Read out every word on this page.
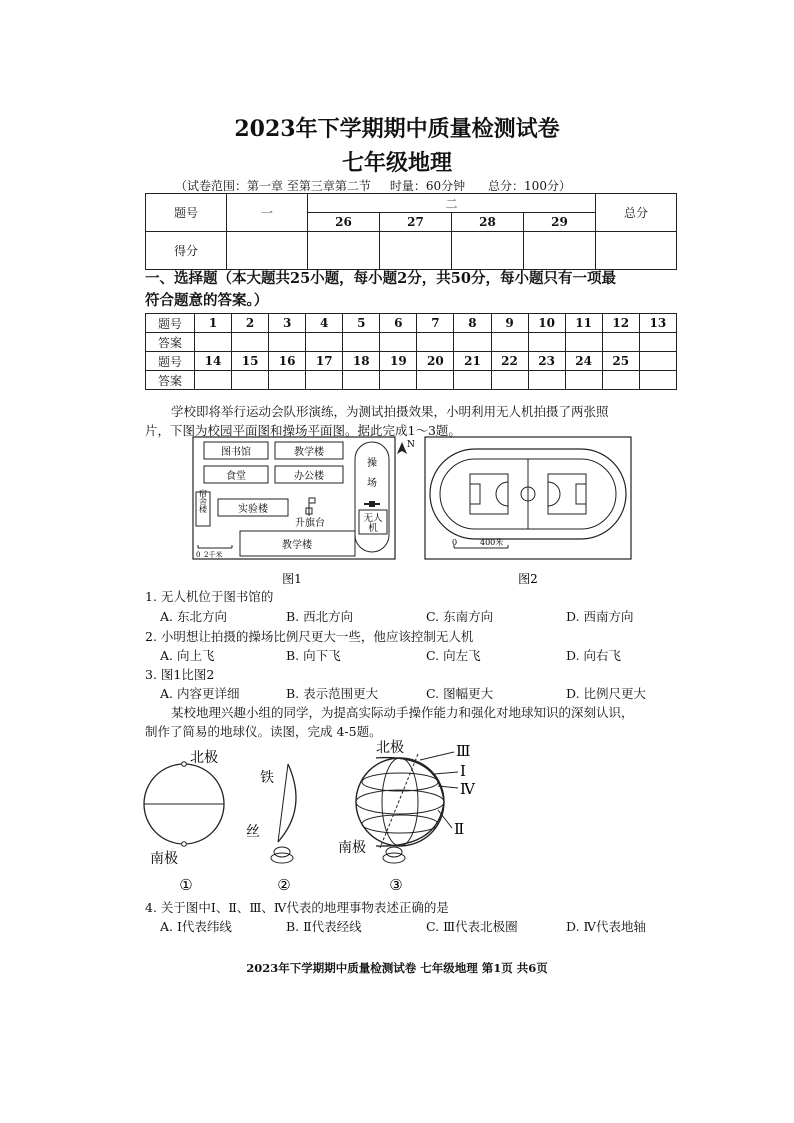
2023年下学期期中质量检测试卷
七年级地理
（试卷范围：第一章 至第三章第二节     时量：60分钟      总分：100分）
题号	一	二				总分
		26	27	28	29	
得分						
一、选择题（本大题共25小题，每小题2分，共50分，每小题只有一项最
符合题意的答案。）
题号	1	2	3	4	5	6	7	8	9	10	11	12	13
答案													
题号	14	15	16	17	18	19	20	21	22	23	24	25	
答案													
学校即将举行运动会队形演练，为测试拍摄效果，小明利用无人机拍摄了两张照
片，下图为校园平面图和操场平面图。据此完成1～3题。
图书馆	教学楼
食堂	办公楼
操
场
无人
机
宿舍楼	实验楼
升旗台
教学楼
0 2千米
N
图1
0	400米
图2
1. 无人机位于图书馆的
A. 东北方向	B. 西北方向	C. 东南方向	D. 西南方向
2. 小明想让拍摄的操场比例尺更大一些，他应该控制无人机
A. 向上飞	B. 向下飞	C. 向左飞	D. 向右飞
3. 图1比图2
A. 内容更详细	B. 表示范围更大	C. 图幅更大	D. 比例尺更大
某校地理兴趣小组的同学，为提高实际动手操作能力和强化对地球知识的深刻认识，
制作了简易的地球仪。读图，完成 4-5题。
北极
南极
①
铁
丝
②
北极	Ⅲ
Ⅰ
Ⅳ
Ⅱ
南极
③
4. 关于图中Ⅰ、Ⅱ、Ⅲ、Ⅳ代表的地理事物表述正确的是
A. Ⅰ代表纬线	B. Ⅱ代表经线	C. Ⅲ代表北极圈	D. Ⅳ代表地轴
2023年下学期期中质量检测试卷 七年级地理 第1页 共6页
